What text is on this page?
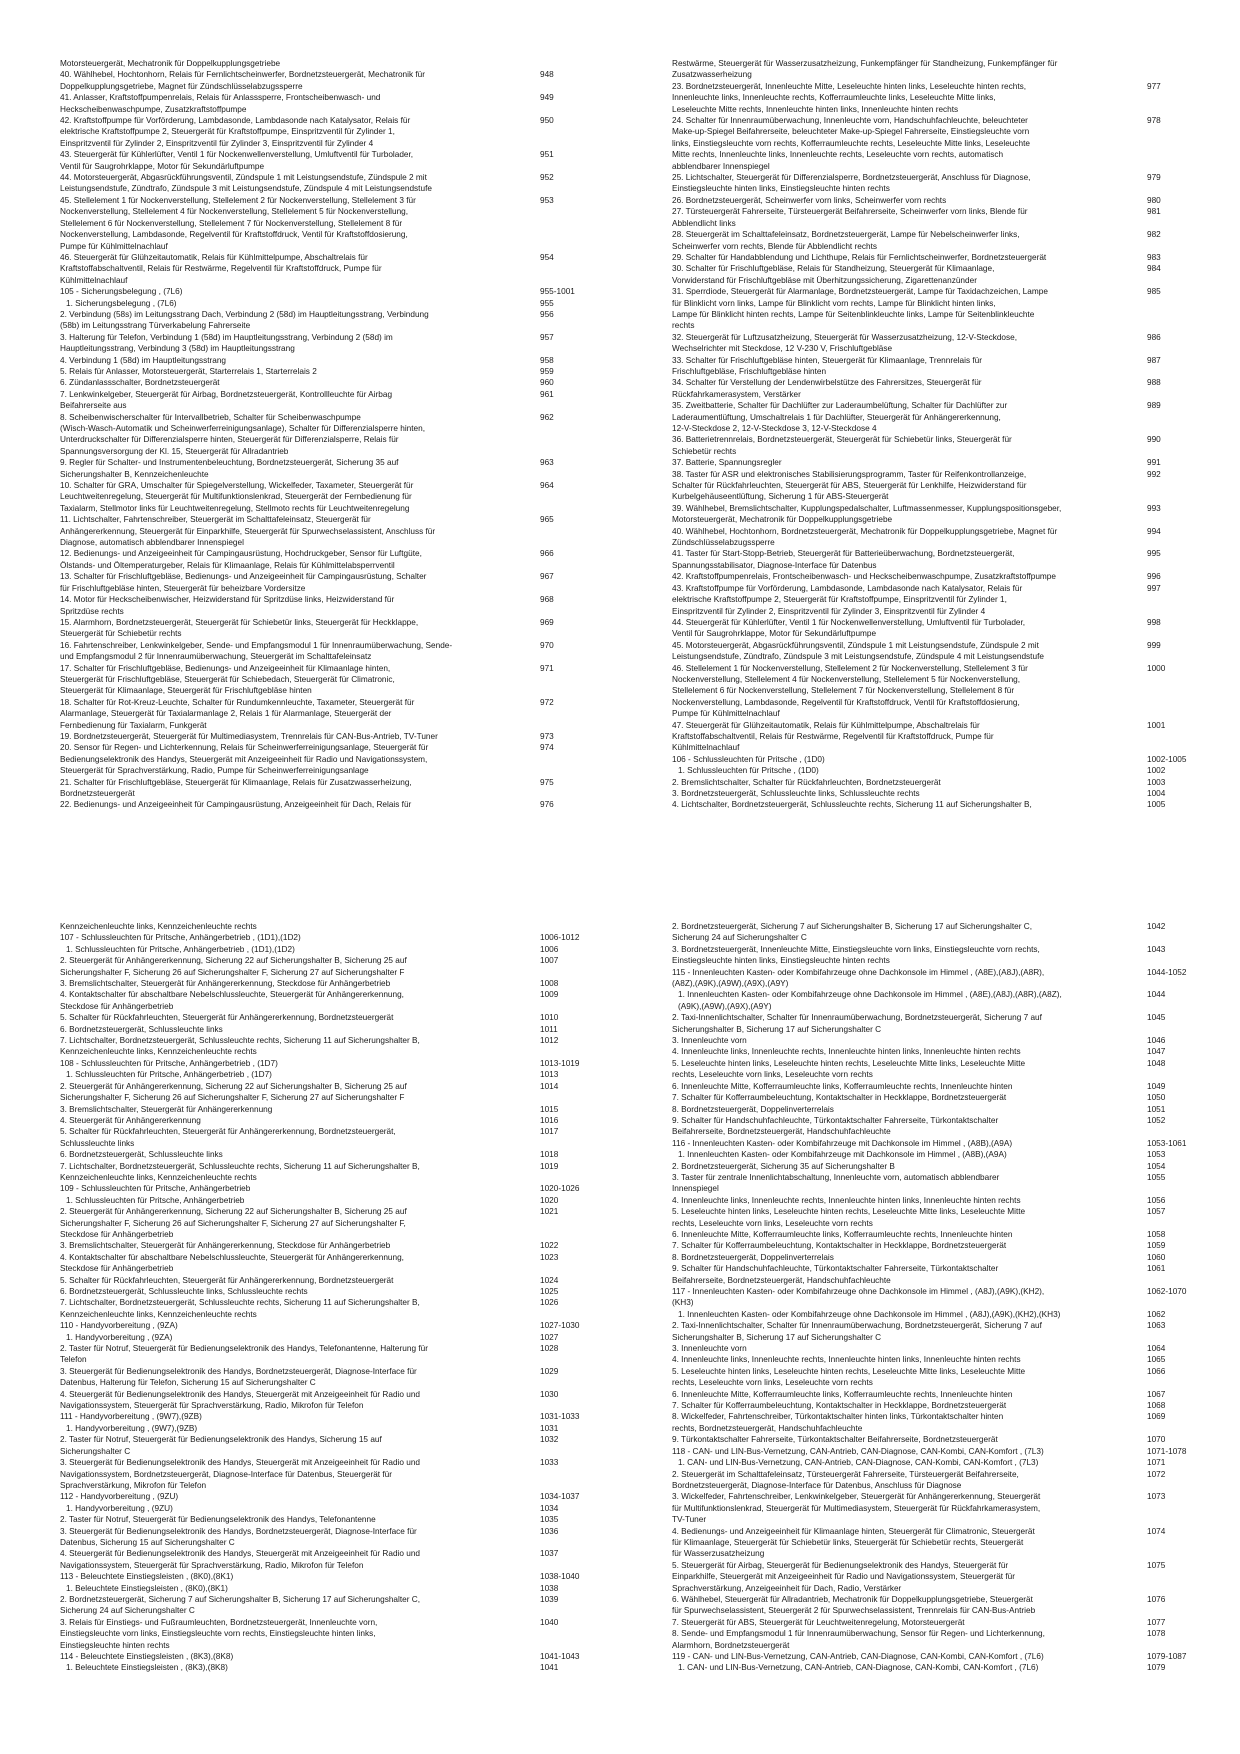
Motorsteuergerät, Mechatronik für Doppelkupplungsgetriebe
40. Wählhebel, Hochtonhorn, Relais für Fernlichtscheinwerfer, Bordnetzsteuergerät, Mechatronik für
Doppelkupplungsgetriebe, Magnet für Zündschlüsselabzugssperre
948
41. Anlasser, Kraftstoffpumpenrelais, Relais für Anlasssperre, Frontscheibenwasch- und
Heckscheibenwaschpumpe, Zusatzkraftstoffpumpe
949
42. Kraftstoffpumpe für Vorförderung, Lambdasonde, Lambdasonde nach Katalysator, Relais für
elektrische Kraftstoffpumpe 2, Steuergerät für Kraftstoffpumpe, Einspritzventil für Zylinder 1,
Einspritzventil für Zylinder 2, Einspritzventil für Zylinder 3, Einspritzventil für Zylinder 4
950
43. Steuergerät für Kühlerlüfter, Ventil 1 für Nockenwellenverstellung, Umluftventil für Turbolader,
Ventil für Saugrohrklappe, Motor für Sekundärluftpumpe
951
44. Motorsteuergerät, Abgasrückführungsventil, Zündspule 1 mit Leistungsendstufe, Zündspule 2 mit
Leistungsendstufe, Zündtrafo, Zündspule 3 mit Leistungsendstufe, Zündspule 4 mit Leistungsendstufe
952
45. Stellelement 1 für Nockenverstellung, Stellelement 2 für Nockenverstellung, Stellelement 3 für
Nockenverstellung, Stellelement 4 für Nockenverstellung, Stellelement 5 für Nockenverstellung,
Stellelement 6 für Nockenverstellung, Stellelement 7 für Nockenverstellung, Stellelement 8 für
Nockenverstellung, Lambdasonde, Regelventil für Kraftstoffdruck, Ventil für Kraftstoffdosierung,
Pumpe für Kühlmittelnachlauf
953
46. Steuergerät für Glühzeitautomatik, Relais für Kühlmittelpumpe, Abschaltrelais für
Kraftstoffabschaltventil, Relais für Restwärme, Regelventil für Kraftstoffdruck, Pumpe für
Kühlmittelnachlauf
954
105 - Sicherungsbelegung , (7L6)	955-1001
1. Sicherungsbelegung , (7L6)	955
2. Verbindung (58s) im Leitungsstrang Dach, Verbindung 2 (58d) im Hauptleitungsstrang, Verbindung
(58b) im Leitungsstrang Türverkabelung Fahrerseite
956
3. Halterung für Telefon, Verbindung 1 (58d) im Hauptleitungsstrang, Verbindung 2 (58d) im
Hauptleitungsstrang, Verbindung 3 (58d) im Hauptleitungsstrang
957
4. Verbindung 1 (58d) im Hauptleitungsstrang	958
5. Relais für Anlasser, Motorsteuergerät, Starterrelais 1, Starterrelais 2	959
6. Zündanlassschalter, Bordnetzsteuergerät	960
7. Lenkwinkelgeber, Steuergerät für Airbag, Bordnetzsteuergerät, Kontrollleuchte für Airbag
Beifahrerseite aus
961
8. Scheibenwischerschalter für Intervallbetrieb, Schalter für Scheibenwaschpumpe
(Wisch-Wasch-Automatik und Scheinwerferreinigungsanlage), Schalter für Differenzialsperre hinten,
Unterdruckschalter für Differenzialsperre hinten, Steuergerät für Differenzialsperre, Relais für
Spannungsversorgung der Kl. 15, Steuergerät für Allradantrieb
962
9. Regler für Schalter- und Instrumentenbeleuchtung, Bordnetzsteuergerät, Sicherung 35 auf
Sicherungshalter B, Kennzeichenleuchte
963
10. Schalter für GRA, Umschalter für Spiegelverstellung, Wickelfeder, Taxameter, Steuergerät für
Leuchtweitenregelung, Steuergerät für Multifunktionslenkrad, Steuergerät der Fernbedienung für
Taxialarm, Stellmotor links für Leuchtweitenregelung, Stellmoto rechts für Leuchtweitenregelung
964
11. Lichtschalter, Fahrtenschreiber, Steuergerät im Schalttafeleinsatz, Steuergerät für
Anhängererkennung, Steuergerät für Einparkhilfe, Steuergerät für Spurwechselassistent, Anschluss für
Diagnose, automatisch abblendbarer Innenspiegel
965
12. Bedienungs- und Anzeigeeinheit für Campingausrüstung, Hochdruckgeber, Sensor für Luftgüte,
Ölstands- und Öltemperaturgeber, Relais für Klimaanlage, Relais für Kühlmittelabsperrventil
966
13. Schalter für Frischluftgebläse, Bedienungs- und Anzeigeeinheit für Campingausrüstung, Schalter
für Frischluftgebläse hinten, Steuergerät für beheizbare Vordersitze
967
14. Motor für Heckscheibenwischer, Heizwiderstand für Spritzdüse links, Heizwiderstand für
Spritzdüse rechts
968
15. Alarmhorn, Bordnetzsteuergerät, Steuergerät für Schiebetür links, Steuergerät für Heckklappe,
Steuergerät für Schiebetür rechts
969
16. Fahrtenschreiber, Lenkwinkelgeber, Sende- und Empfangsmodul 1 für Innenraumüberwachung, Sende-
und Empfangsmodul 2 für Innenraumüberwachung, Steuergerät im Schalttafeleinsatz
970
17. Schalter für Frischluftgebläse, Bedienungs- und Anzeigeeinheit für Klimaanlage hinten,
Steuergerät für Frischluftgebläse, Steuergerät für Schiebedach, Steuergerät für Climatronic,
Steuergerät für Klimaanlage, Steuergerät für Frischluftgebläse hinten
971
18. Schalter für Rot-Kreuz-Leuchte, Schalter für Rundumkennleuchte, Taxameter, Steuergerät für
Alarmanlage, Steuergerät für Taxialarmanlage 2, Relais 1 für Alarmanlage, Steuergerät der
Fernbedienung für Taxialarm, Funkgerät
972
19. Bordnetzsteuergerät, Steuergerät für Multimediasystem, Trennrelais für CAN-Bus-Antrieb, TV-Tuner	973
20. Sensor für Regen- und Lichterkennung, Relais für Scheinwerferreinigungsanlage, Steuergerät für
Bedienungselektronik des Handys, Steuergerät mit Anzeigeeinheit für Radio und Navigationssystem,
Steuergerät für Sprachverstärkung, Radio, Pumpe für Scheinwerferreinigungsanlage
974
21. Schalter für Frischluftgebläse, Steuergerät für Klimaanlage, Relais für Zusatzwasserheizung,
Bordnetzsteuergerät
975
22. Bedienungs- und Anzeigeeinheit für Campingausrüstung, Anzeigeeinheit für Dach, Relais für	976
Restwärme, Steuergerät für Wasserzusatzheizung, Funkempfänger für Standheizung, Funkempfänger für
Zusatzwasserheizung
23. Bordnetzsteuergerät, Innenleuchte Mitte, Leseleuchte hinten links, Leseleuchte hinten rechts,
Innenleuchte links, Innenleuchte rechts, Kofferraumleuchte links, Leseleuchte Mitte links,
Leseleuchte Mitte rechts, Innenleuchte hinten links, Innenleuchte hinten rechts
977
24. Schalter für Innenraumüberwachung, Innenleuchte vorn, Handschuhfachleuchte, beleuchteter
Make-up-Spiegel Beifahrerseite, beleuchteter Make-up-Spiegel Fahrerseite, Einstiegsleuchte vorn
links, Einstiegsleuchte vorn rechts, Kofferraumleuchte rechts, Leseleuchte Mitte links, Leseleuchte
Mitte rechts, Innenleuchte links, Innenleuchte rechts, Leseleuchte vorn rechts, automatisch
abblendbarer Innenspiegel
978
25. Lichtschalter, Steuergerät für Differenzialsperre, Bordnetzsteuergerät, Anschluss für Diagnose,
Einstiegsleuchte hinten links, Einstiegsleuchte hinten rechts
979
26. Bordnetzsteuergerät, Scheinwerfer vorn links, Scheinwerfer vorn rechts	980
27. Türsteuergerät Fahrerseite, Türsteuergerät Beifahrerseite, Scheinwerfer vorn links, Blende für
Abblendlicht links
981
28. Steuergerät im Schalttafeleinsatz, Bordnetzsteuergerät, Lampe für Nebelscheinwerfer links,
Scheinwerfer vorn rechts, Blende für Abblendlicht rechts
982
29. Schalter für Handabblendung und Lichthupe, Relais für Fernlichtscheinwerfer, Bordnetzsteuergerät	983
30. Schalter für Frischluftgebläse, Relais für Standheizung, Steuergerät für Klimaanlage,
Vorwiderstand für Frischluftgebläse mit Überhitzungssicherung, Zigarettenanzünder
984
31. Sperrdiode, Steuergerät für Alarmanlage, Bordnetzsteuergerät, Lampe für Taxidachzeichen, Lampe
für Blinklicht vorn links, Lampe für Blinklicht vorn rechts, Lampe für Blinklicht hinten links,
Lampe für Blinklicht hinten rechts, Lampe für Seitenblinkleuchte links, Lampe für Seitenblinkleuchte
rechts
985
32. Steuergerät für Luftzusatzheizung, Steuergerät für Wasserzusatzheizung, 12-V-Steckdose,
Wechselrichter mit Steckdose, 12 V-230 V, Frischluftgebläse
986
33. Schalter für Frischluftgebläse hinten, Steuergerät für Klimaanlage, Trennrelais für
Frischluftgebläse, Frischluftgebläse hinten
987
34. Schalter für Verstellung der Lendenwirbelstütze des Fahrersitzes, Steuergerät für
Rückfahrkamerasystem, Verstärker
988
35. Zweitbatterie, Schalter für Dachlüfter zur Laderaumbelüftung, Schalter für Dachlüfter zur
Laderaumentlüftung, Umschaltrelais 1 für Dachlüfter, Steuergerät für Anhängererkennung,
12-V-Steckdose 2, 12-V-Steckdose 3, 12-V-Steckdose 4
989
36. Batterietrennrelais, Bordnetzsteuergerät, Steuergerät für Schiebetür links, Steuergerät für
Schiebetür rechts
990
37. Batterie, Spannungsregler	991
38. Taster für ASR und elektronisches Stabilisierungsprogramm, Taster für Reifenkontrollanzeige,
Schalter für Rückfahrleuchten, Steuergerät für ABS, Steuergerät für Lenkhilfe, Heizwiderstand für
Kurbelgehäuseentlüftung, Sicherung 1 für ABS-Steuergerät
992
39. Wählhebel, Bremslichtschalter, Kupplungspedalschalter, Luftmassenmesser, Kupplungspositionsgeber,
Motorsteuergerät, Mechatronik für Doppelkupplungsgetriebe
993
40. Wählhebel, Hochtonhorn, Bordnetzsteuergerät, Mechatronik für Doppelkupplungsgetriebe, Magnet für
Zündschlüsselabzugssperre
994
41. Taster für Start-Stopp-Betrieb, Steuergerät für Batterieüberwachung, Bordnetzsteuergerät,
Spannungsstabilisator, Diagnose-Interface für Datenbus
995
42. Kraftstoffpumpenrelais, Frontscheibenwasch- und Heckscheibenwaschpumpe, Zusatzkraftstoffpumpe	996
43. Kraftstoffpumpe für Vorförderung, Lambdasonde, Lambdasonde nach Katalysator, Relais für
elektrische Kraftstoffpumpe 2, Steuergerät für Kraftstoffpumpe, Einspritzventil für Zylinder 1,
Einspritzventil für Zylinder 2, Einspritzventil für Zylinder 3, Einspritzventil für Zylinder 4
997
44. Steuergerät für Kühlerlüfter, Ventil 1 für Nockenwellenverstellung, Umluftventil für Turbolader,
Ventil für Saugrohrklappe, Motor für Sekundärluftpumpe
998
45. Motorsteuergerät, Abgasrückführungsventil, Zündspule 1 mit Leistungsendstufe, Zündspule 2 mit
Leistungsendstufe, Zündtrafo, Zündspule 3 mit Leistungsendstufe, Zündspule 4 mit Leistungsendstufe
999
46. Stellelement 1 für Nockenverstellung, Stellelement 2 für Nockenverstellung, Stellelement 3 für
Nockenverstellung, Stellelement 4 für Nockenverstellung, Stellelement 5 für Nockenverstellung,
Stellelement 6 für Nockenverstellung, Stellelement 7 für Nockenverstellung, Stellelement 8 für
Nockenverstellung, Lambdasonde, Regelventil für Kraftstoffdruck, Ventil für Kraftstoffdosierung,
Pumpe für Kühlmittelnachlauf
1000
47. Steuergerät für Glühzeitautomatik, Relais für Kühlmittelpumpe, Abschaltrelais für
Kraftstoffabschaltventil, Relais für Restwärme, Regelventil für Kraftstoffdruck, Pumpe für
Kühlmittelnachlauf
1001
106 - Schlussleuchten für Pritsche , (1D0)	1002-1005
1. Schlussleuchten für Pritsche , (1D0)	1002
2. Bremslichtschalter, Schalter für Rückfahrleuchten, Bordnetzsteuergerät	1003
3. Bordnetzsteuergerät, Schlussleuchte links, Schlussleuchte rechts	1004
4. Lichtschalter, Bordnetzsteuergerät, Schlussleuchte rechts, Sicherung 11 auf Sicherungshalter B,	1005
Kennzeichenleuchte links, Kennzeichenleuchte rechts
107 - Schlussleuchten für Pritsche, Anhängerbetrieb , (1D1),(1D2)	1006-1012
1. Schlussleuchten für Pritsche, Anhängerbetrieb , (1D1),(1D2)	1006
2. Steuergerät für Anhängererkennung, Sicherung 22 auf Sicherungshalter B, Sicherung 25 auf
Sicherungshalter F, Sicherung 26 auf Sicherungshalter F, Sicherung 27 auf Sicherungshalter F
1007
3. Bremslichtschalter, Steuergerät für Anhängererkennung, Steckdose für Anhängerbetrieb	1008
4. Kontaktschalter für abschaltbare Nebelschlussleuchte, Steuergerät für Anhängererkennung,
Steckdose für Anhängerbetrieb
1009
5. Schalter für Rückfahrleuchten, Steuergerät für Anhängererkennung, Bordnetzsteuergerät	1010
6. Bordnetzsteuergerät, Schlussleuchte links	1011
7. Lichtschalter, Bordnetzsteuergerät, Schlussleuchte rechts, Sicherung 11 auf Sicherungshalter B,
Kennzeichenleuchte links, Kennzeichenleuchte rechts
1012
108 - Schlussleuchten für Pritsche, Anhängerbetrieb , (1D7)	1013-1019
1. Schlussleuchten für Pritsche, Anhängerbetrieb , (1D7)	1013
2. Steuergerät für Anhängererkennung, Sicherung 22 auf Sicherungshalter B, Sicherung 25 auf
Sicherungshalter F, Sicherung 26 auf Sicherungshalter F, Sicherung 27 auf Sicherungshalter F
1014
3. Bremslichtschalter, Steuergerät für Anhängererkennung	1015
4. Steuergerät für Anhängererkennung	1016
5. Schalter für Rückfahrleuchten, Steuergerät für Anhängererkennung, Bordnetzsteuergerät,
Schlussleuchte links
1017
6. Bordnetzsteuergerät, Schlussleuchte links	1018
7. Lichtschalter, Bordnetzsteuergerät, Schlussleuchte rechts, Sicherung 11 auf Sicherungshalter B,
Kennzeichenleuchte links, Kennzeichenleuchte rechts
1019
109 - Schlussleuchten für Pritsche, Anhängerbetrieb	1020-1026
1. Schlussleuchten für Pritsche, Anhängerbetrieb	1020
2. Steuergerät für Anhängererkennung, Sicherung 22 auf Sicherungshalter B, Sicherung 25 auf
Sicherungshalter F, Sicherung 26 auf Sicherungshalter F, Sicherung 27 auf Sicherungshalter F,
Steckdose für Anhängerbetrieb
1021
3. Bremslichtschalter, Steuergerät für Anhängererkennung, Steckdose für Anhängerbetrieb	1022
4. Kontaktschalter für abschaltbare Nebelschlussleuchte, Steuergerät für Anhängererkennung,
Steckdose für Anhängerbetrieb
1023
5. Schalter für Rückfahrleuchten, Steuergerät für Anhängererkennung, Bordnetzsteuergerät	1024
6. Bordnetzsteuergerät, Schlussleuchte links, Schlussleuchte rechts	1025
7. Lichtschalter, Bordnetzsteuergerät, Schlussleuchte rechts, Sicherung 11 auf Sicherungshalter B,
Kennzeichenleuchte links, Kennzeichenleuchte rechts
1026
110 - Handyvorbereitung , (9ZA)	1027-1030
1. Handyvorbereitung , (9ZA)	1027
2. Taster für Notruf, Steuergerät für Bedienungselektronik des Handys, Telefonantenne, Halterung für
Telefon
1028
3. Steuergerät für Bedienungselektronik des Handys, Bordnetzsteuergerät, Diagnose-Interface für
Datenbus, Halterung für Telefon, Sicherung 15 auf Sicherungshalter C
1029
4. Steuergerät für Bedienungselektronik des Handys, Steuergerät mit Anzeigeeinheit für Radio und
Navigationssystem, Steuergerät für Sprachverstärkung, Radio, Mikrofon für Telefon
1030
111 - Handyvorbereitung , (9W7),(9ZB)	1031-1033
1. Handyvorbereitung , (9W7),(9ZB)	1031
2. Taster für Notruf, Steuergerät für Bedienungselektronik des Handys, Sicherung 15 auf
Sicherungshalter C
1032
3. Steuergerät für Bedienungselektronik des Handys, Steuergerät mit Anzeigeeinheit für Radio und
Navigationssystem, Bordnetzsteuergerät, Diagnose-Interface für Datenbus, Steuergerät für
Sprachverstärkung, Mikrofon für Telefon
1033
112 - Handyvorbereitung , (9ZU)	1034-1037
1. Handyvorbereitung , (9ZU)	1034
2. Taster für Notruf, Steuergerät für Bedienungselektronik des Handys, Telefonantenne	1035
3. Steuergerät für Bedienungselektronik des Handys, Bordnetzsteuergerät, Diagnose-Interface für
Datenbus, Sicherung 15 auf Sicherungshalter C
1036
4. Steuergerät für Bedienungselektronik des Handys, Steuergerät mit Anzeigeeinheit für Radio und
Navigationssystem, Steuergerät für Sprachverstärkung, Radio, Mikrofon für Telefon
1037
113 - Beleuchtete Einstiegsleisten , (8K0),(8K1)	1038-1040
1. Beleuchtete Einstiegsleisten , (8K0),(8K1)	1038
2. Bordnetzsteuergerät, Sicherung 7 auf Sicherungshalter B, Sicherung 17 auf Sicherungshalter C,
Sicherung 24 auf Sicherungshalter C
1039
3. Relais für Einstiegs- und Fußraumleuchten, Bordnetzsteuergerät, Innenleuchte vorn,
Einstiegsleuchte vorn links, Einstiegsleuchte vorn rechts, Einstiegsleuchte hinten links,
Einstiegsleuchte hinten rechts
1040
114 - Beleuchtete Einstiegsleisten , (8K3),(8K8)	1041-1043
1. Beleuchtete Einstiegsleisten , (8K3),(8K8)	1041
2. Bordnetzsteuergerät, Sicherung 7 auf Sicherungshalter B, Sicherung 17 auf Sicherungshalter C,
Sicherung 24 auf Sicherungshalter C
1042
3. Bordnetzsteuergerät, Innenleuchte Mitte, Einstiegsleuchte vorn links, Einstiegsleuchte vorn rechts,
Einstiegsleuchte hinten links, Einstiegsleuchte hinten rechts
1043
115 - Innenleuchten Kasten- oder Kombifahrzeuge ohne Dachkonsole im Himmel , (A8E),(A8J),(A8R),
(A8Z),(A9K),(A9W),(A9X),(A9Y)
1044-1052
1. Innenleuchten Kasten- oder Kombifahrzeuge ohne Dachkonsole im Himmel , (A8E),(A8J),(A8R),(A8Z),
(A9K),(A9W),(A9X),(A9Y)
1044
2. Taxi-Innenlichtschalter, Schalter für Innenraumüberwachung, Bordnetzsteuergerät, Sicherung 7 auf
Sicherungshalter B, Sicherung 17 auf Sicherungshalter C
1045
3. Innenleuchte vorn	1046
4. Innenleuchte links, Innenleuchte rechts, Innenleuchte hinten links, Innenleuchte hinten rechts	1047
5. Leseleuchte hinten links, Leseleuchte hinten rechts, Leseleuchte Mitte links, Leseleuchte Mitte
rechts, Leseleuchte vorn links, Leseleuchte vorn rechts
1048
6. Innenleuchte Mitte, Kofferraumleuchte links, Kofferraumleuchte rechts, Innenleuchte hinten	1049
7. Schalter für Kofferraumbeleuchtung, Kontaktschalter in Heckklappe, Bordnetzsteuergerät	1050
8. Bordnetzsteuergerät, Doppelinverterrelais	1051
9. Schalter für Handschuhfachleuchte, Türkontaktschalter Fahrerseite, Türkontaktschalter
Beifahrerseite, Bordnetzsteuergerät, Handschuhfachleuchte
1052
116 - Innenleuchten Kasten- oder Kombifahrzeuge mit Dachkonsole im Himmel , (A8B),(A9A)	1053-1061
1. Innenleuchten Kasten- oder Kombifahrzeuge mit Dachkonsole im Himmel , (A8B),(A9A)	1053
2. Bordnetzsteuergerät, Sicherung 35 auf Sicherungshalter B	1054
3. Taster für zentrale Innenlichtabschaltung, Innenleuchte vorn, automatisch abblendbarer
Innenspiegel
1055
4. Innenleuchte links, Innenleuchte rechts, Innenleuchte hinten links, Innenleuchte hinten rechts	1056
5. Leseleuchte hinten links, Leseleuchte hinten rechts, Leseleuchte Mitte links, Leseleuchte Mitte
rechts, Leseleuchte vorn links, Leseleuchte vorn rechts
1057
6. Innenleuchte Mitte, Kofferraumleuchte links, Kofferraumleuchte rechts, Innenleuchte hinten	1058
7. Schalter für Kofferraumbeleuchtung, Kontaktschalter in Heckklappe, Bordnetzsteuergerät	1059
8. Bordnetzsteuergerät, Doppelinverterrelais	1060
9. Schalter für Handschuhfachleuchte, Türkontaktschalter Fahrerseite, Türkontaktschalter
Beifahrerseite, Bordnetzsteuergerät, Handschuhfachleuchte
1061
117 - Innenleuchten Kasten- oder Kombifahrzeuge ohne Dachkonsole im Himmel , (A8J),(A9K),(KH2),
(KH3)
1062-1070
1. Innenleuchten Kasten- oder Kombifahrzeuge ohne Dachkonsole im Himmel , (A8J),(A9K),(KH2),(KH3)	1062
2. Taxi-Innenlichtschalter, Schalter für Innenraumüberwachung, Bordnetzsteuergerät, Sicherung 7 auf
Sicherungshalter B, Sicherung 17 auf Sicherungshalter C
1063
3. Innenleuchte vorn	1064
4. Innenleuchte links, Innenleuchte rechts, Innenleuchte hinten links, Innenleuchte hinten rechts	1065
5. Leseleuchte hinten links, Leseleuchte hinten rechts, Leseleuchte Mitte links, Leseleuchte Mitte
rechts, Leseleuchte vorn links, Leseleuchte vorn rechts
1066
6. Innenleuchte Mitte, Kofferraumleuchte links, Kofferraumleuchte rechts, Innenleuchte hinten	1067
7. Schalter für Kofferraumbeleuchtung, Kontaktschalter in Heckklappe, Bordnetzsteuergerät	1068
8. Wickelfeder, Fahrtenschreiber, Türkontaktschalter hinten links, Türkontaktschalter hinten
rechts, Bordnetzsteuergerät, Handschuhfachleuchte
1069
9. Türkontaktschalter Fahrerseite, Türkontaktschalter Beifahrerseite, Bordnetzsteuergerät	1070
118 - CAN- und LIN-Bus-Vernetzung, CAN-Antrieb, CAN-Diagnose, CAN-Kombi, CAN-Komfort , (7L3)	1071-1078
1. CAN- und LIN-Bus-Vernetzung, CAN-Antrieb, CAN-Diagnose, CAN-Kombi, CAN-Komfort , (7L3)	1071
2. Steuergerät im Schalttafeleinsatz, Türsteuergerät Fahrerseite, Türsteuergerät Beifahrerseite,
Bordnetzsteuergerät, Diagnose-Interface für Datenbus, Anschluss für Diagnose
1072
3. Wickelfeder, Fahrtenschreiber, Lenkwinkelgeber, Steuergerät für Anhängererkennung, Steuergerät
für Multifunktionslenkrad, Steuergerät für Multimediasystem, Steuergerät für Rückfahrkamerasystem,
TV-Tuner
1073
4. Bedienungs- und Anzeigeeinheit für Klimaanlage hinten, Steuergerät für Climatronic, Steuergerät
für Klimaanlage, Steuergerät für Schiebetür links, Steuergerät für Schiebetür rechts, Steuergerät
für Wasserzusatzheizung
1074
5. Steuergerät für Airbag, Steuergerät für Bedienungselektronik des Handys, Steuergerät für
Einparkhilfe, Steuergerät mit Anzeigeeinheit für Radio und Navigationssystem, Steuergerät für
Sprachverstärkung, Anzeigeeinheit für Dach, Radio, Verstärker
1075
6. Wählhebel, Steuergerät für Allradantrieb, Mechatronik für Doppelkupplungsgetriebe, Steuergerät
für Spurwechselassistent, Steuergerät 2 für Spurwechselassistent, Trennrelais für CAN-Bus-Antrieb
1076
7. Steuergerät für ABS, Steuergerät für Leuchtweitenregelung, Motorsteuergerät	1077
8. Sende- und Empfangsmodul 1 für Innenraumüberwachung, Sensor für Regen- und Lichterkennung,
Alarmhorn, Bordnetzsteuergerät
1078
119 - CAN- und LIN-Bus-Vernetzung, CAN-Antrieb, CAN-Diagnose, CAN-Kombi, CAN-Komfort , (7L6)	1079-1087
1. CAN- und LIN-Bus-Vernetzung, CAN-Antrieb, CAN-Diagnose, CAN-Kombi, CAN-Komfort , (7L6)	1079
